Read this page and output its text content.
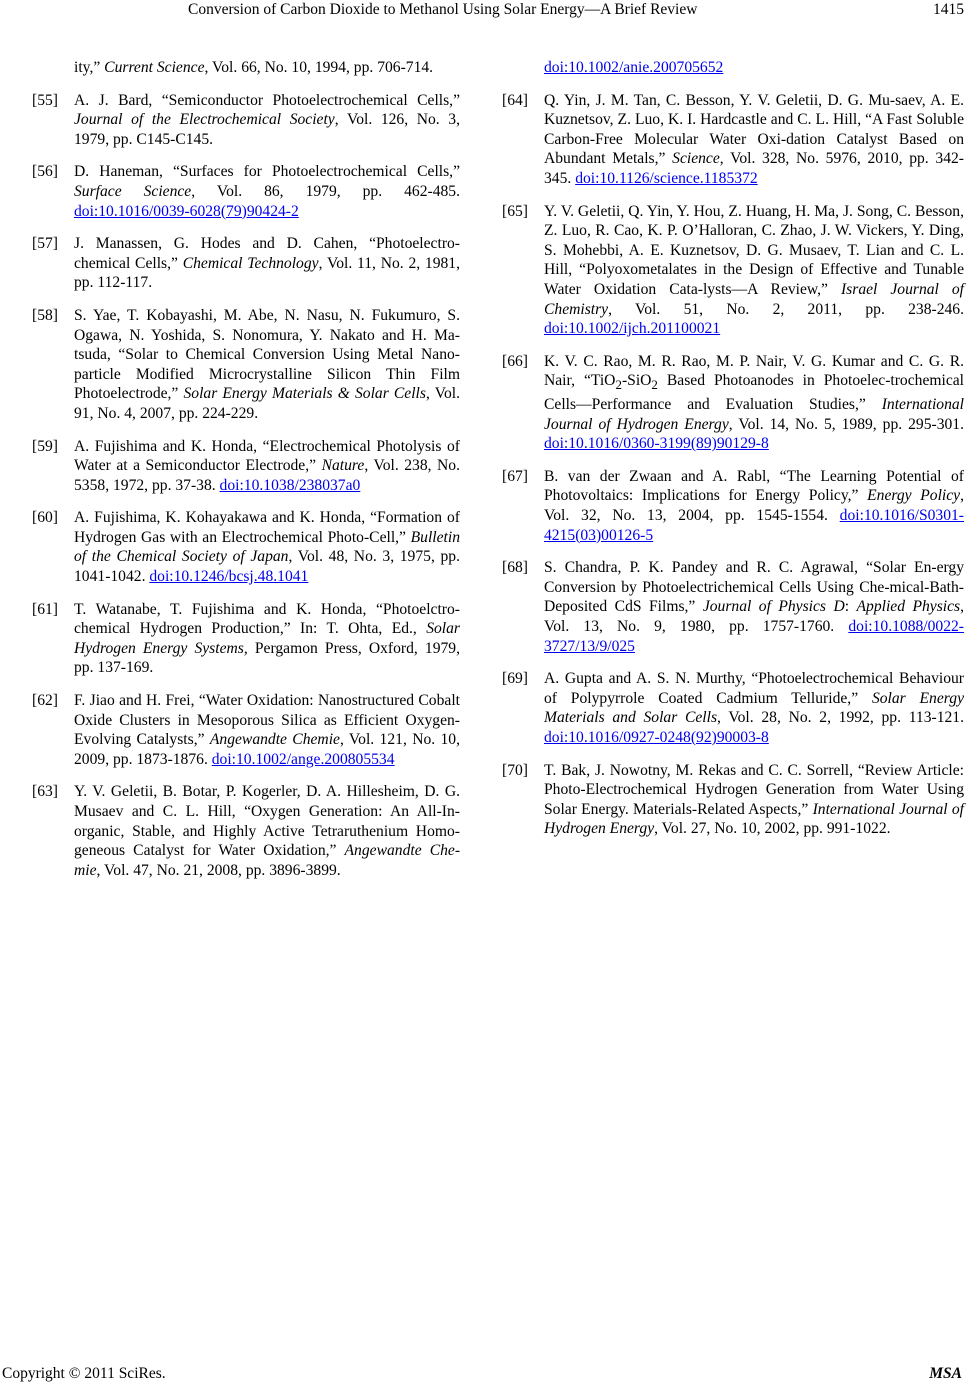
Conversion of Carbon Dioxide to Methanol Using Solar Energy—A Brief Review	1415
ity,” Current Science, Vol. 66, No. 10, 1994, pp. 706-714.
[55] A. J. Bard, “Semiconductor Photoelectrochemical Cells,” Journal of the Electrochemical Society, Vol. 126, No. 3, 1979, pp. C145-C145.
[56] D. Haneman, “Surfaces for Photoelectrochemical Cells,” Surface Science, Vol. 86, 1979, pp. 462-485. doi:10.1016/0039-6028(79)90424-2
[57] J. Manassen, G. Hodes and D. Cahen, “Photoelectro-chemical Cells,” Chemical Technology, Vol. 11, No. 2, 1981, pp. 112-117.
[58] S. Yae, T. Kobayashi, M. Abe, N. Nasu, N. Fukumuro, S. Ogawa, N. Yoshida, S. Nonomura, Y. Nakato and H. Ma-tsuda, “Solar to Chemical Conversion Using Metal Nano-particle Modified Microcrystalline Silicon Thin Film Photoelectrode,” Solar Energy Materials & Solar Cells, Vol. 91, No. 4, 2007, pp. 224-229.
[59] A. Fujishima and K. Honda, “Electrochemical Photolysis of Water at a Semiconductor Electrode,” Nature, Vol. 238, No. 5358, 1972, pp. 37-38. doi:10.1038/238037a0
[60] A. Fujishima, K. Kohayakawa and K. Honda, “Formation of Hydrogen Gas with an Electrochemical Photo-Cell,” Bulletin of the Chemical Society of Japan, Vol. 48, No. 3, 1975, pp. 1041-1042. doi:10.1246/bcsj.48.1041
[61] T. Watanabe, T. Fujishima and K. Honda, “Photoelctro-chemical Hydrogen Production,” In: T. Ohta, Ed., Solar Hydrogen Energy Systems, Pergamon Press, Oxford, 1979, pp. 137-169.
[62] F. Jiao and H. Frei, “Water Oxidation: Nanostructured Cobalt Oxide Clusters in Mesoporous Silica as Efficient Oxygen-Evolving Catalysts,” Angewandte Chemie, Vol. 121, No. 10, 2009, pp. 1873-1876. doi:10.1002/ange.200805534
[63] Y. V. Geletii, B. Botar, P. Kogerler, D. A. Hillesheim, D. G. Musaev and C. L. Hill, “Oxygen Generation: An All-In-organic, Stable, and Highly Active Tetraruthenium Homo-geneous Catalyst for Water Oxidation,” Angewandte Che-mie, Vol. 47, No. 21, 2008, pp. 3896-3899.
doi:10.1002/anie.200705652
[64] Q. Yin, J. M. Tan, C. Besson, Y. V. Geletii, D. G. Mu-saev, A. E. Kuznetsov, Z. Luo, K. I. Hardcastle and C. L. Hill, “A Fast Soluble Carbon-Free Molecular Water Oxi-dation Catalyst Based on Abundant Metals,” Science, Vol. 328, No. 5976, 2010, pp. 342-345. doi:10.1126/science.1185372
[65] Y. V. Geletii, Q. Yin, Y. Hou, Z. Huang, H. Ma, J. Song, C. Besson, Z. Luo, R. Cao, K. P. O’Halloran, C. Zhao, J. W. Vickers, Y. Ding, S. Mohebbi, A. E. Kuznetsov, D. G. Musaev, T. Lian and C. L. Hill, “Polyoxometalates in the Design of Effective and Tunable Water Oxidation Cata-lysts—A Review,” Israel Journal of Chemistry, Vol. 51, No. 2, 2011, pp. 238-246. doi:10.1002/ijch.201100021
[66] K. V. C. Rao, M. R. Rao, M. P. Nair, V. G. Kumar and C. G. R. Nair, “TiO$_2$-SiO$_2$ Based Photoanodes in Photoelec-trochemical Cells—Performance and Evaluation Studies,” International Journal of Hydrogen Energy, Vol. 14, No. 5, 1989, pp. 295-301. doi:10.1016/0360-3199(89)90129-8
[67] B. van der Zwaan and A. Rabl, “The Learning Potential of Photovoltaics: Implications for Energy Policy,” Energy Policy, Vol. 32, No. 13, 2004, pp. 1545-1554. doi:10.1016/S0301-4215(03)00126-5
[68] S. Chandra, P. K. Pandey and R. C. Agrawal, “Solar En-ergy Conversion by Photoelectrichemical Cells Using Che-mical-Bath-Deposited CdS Films,” Journal of Physics D: Applied Physics, Vol. 13, No. 9, 1980, pp. 1757-1760. doi:10.1088/0022-3727/13/9/025
[69] A. Gupta and A. S. N. Murthy, “Photoelectrochemical Behaviour of Polypyrrole Coated Cadmium Telluride,” Solar Energy Materials and Solar Cells, Vol. 28, No. 2, 1992, pp. 113-121. doi:10.1016/0927-0248(92)90003-8
[70] T. Bak, J. Nowotny, M. Rekas and C. C. Sorrell, “Review Article: Photo-Electrochemical Hydrogen Generation from Water Using Solar Energy. Materials-Related Aspects,” International Journal of Hydrogen Energy, Vol. 27, No. 10, 2002, pp. 991-1022.
Copyright © 2011 SciRes.	MSA
